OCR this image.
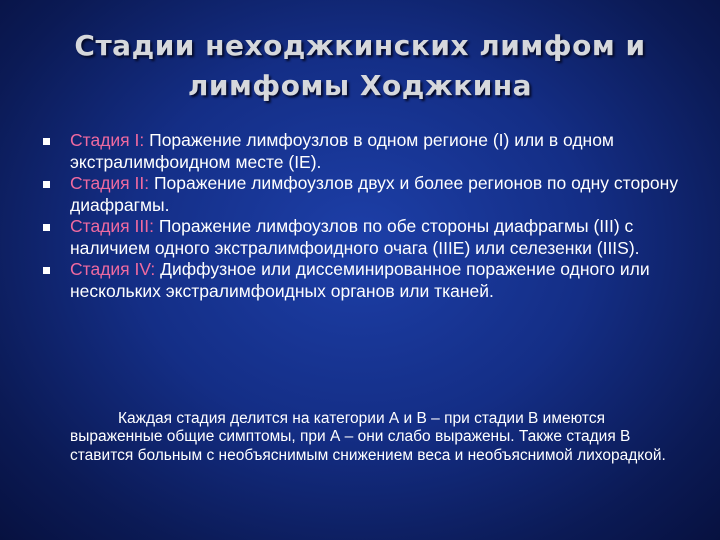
Стадии неходжкинских лимфом и лимфомы Ходжкина
Стадия I: Поражение лимфоузлов в одном регионе (I) или в одном экстралимфоидном месте (IE).
Стадия II: Поражение лимфоузлов двух и более регионов по одну сторону диафрагмы.
Стадия III: Поражение лимфоузлов по обе стороны диафрагмы (III) с наличием одного экстралимфоидного очага (IIIE) или селезенки (IIIS).
Стадия IV: Диффузное или диссеминированное поражение одного или нескольких экстралимфоидных органов или тканей.

Каждая стадия делится на категории А и В – при стадии В имеются выраженные общие симптомы, при А – они слабо выражены. Также стадия В ставится больным с необъяснимым снижением веса и необъяснимой лихорадкой.
